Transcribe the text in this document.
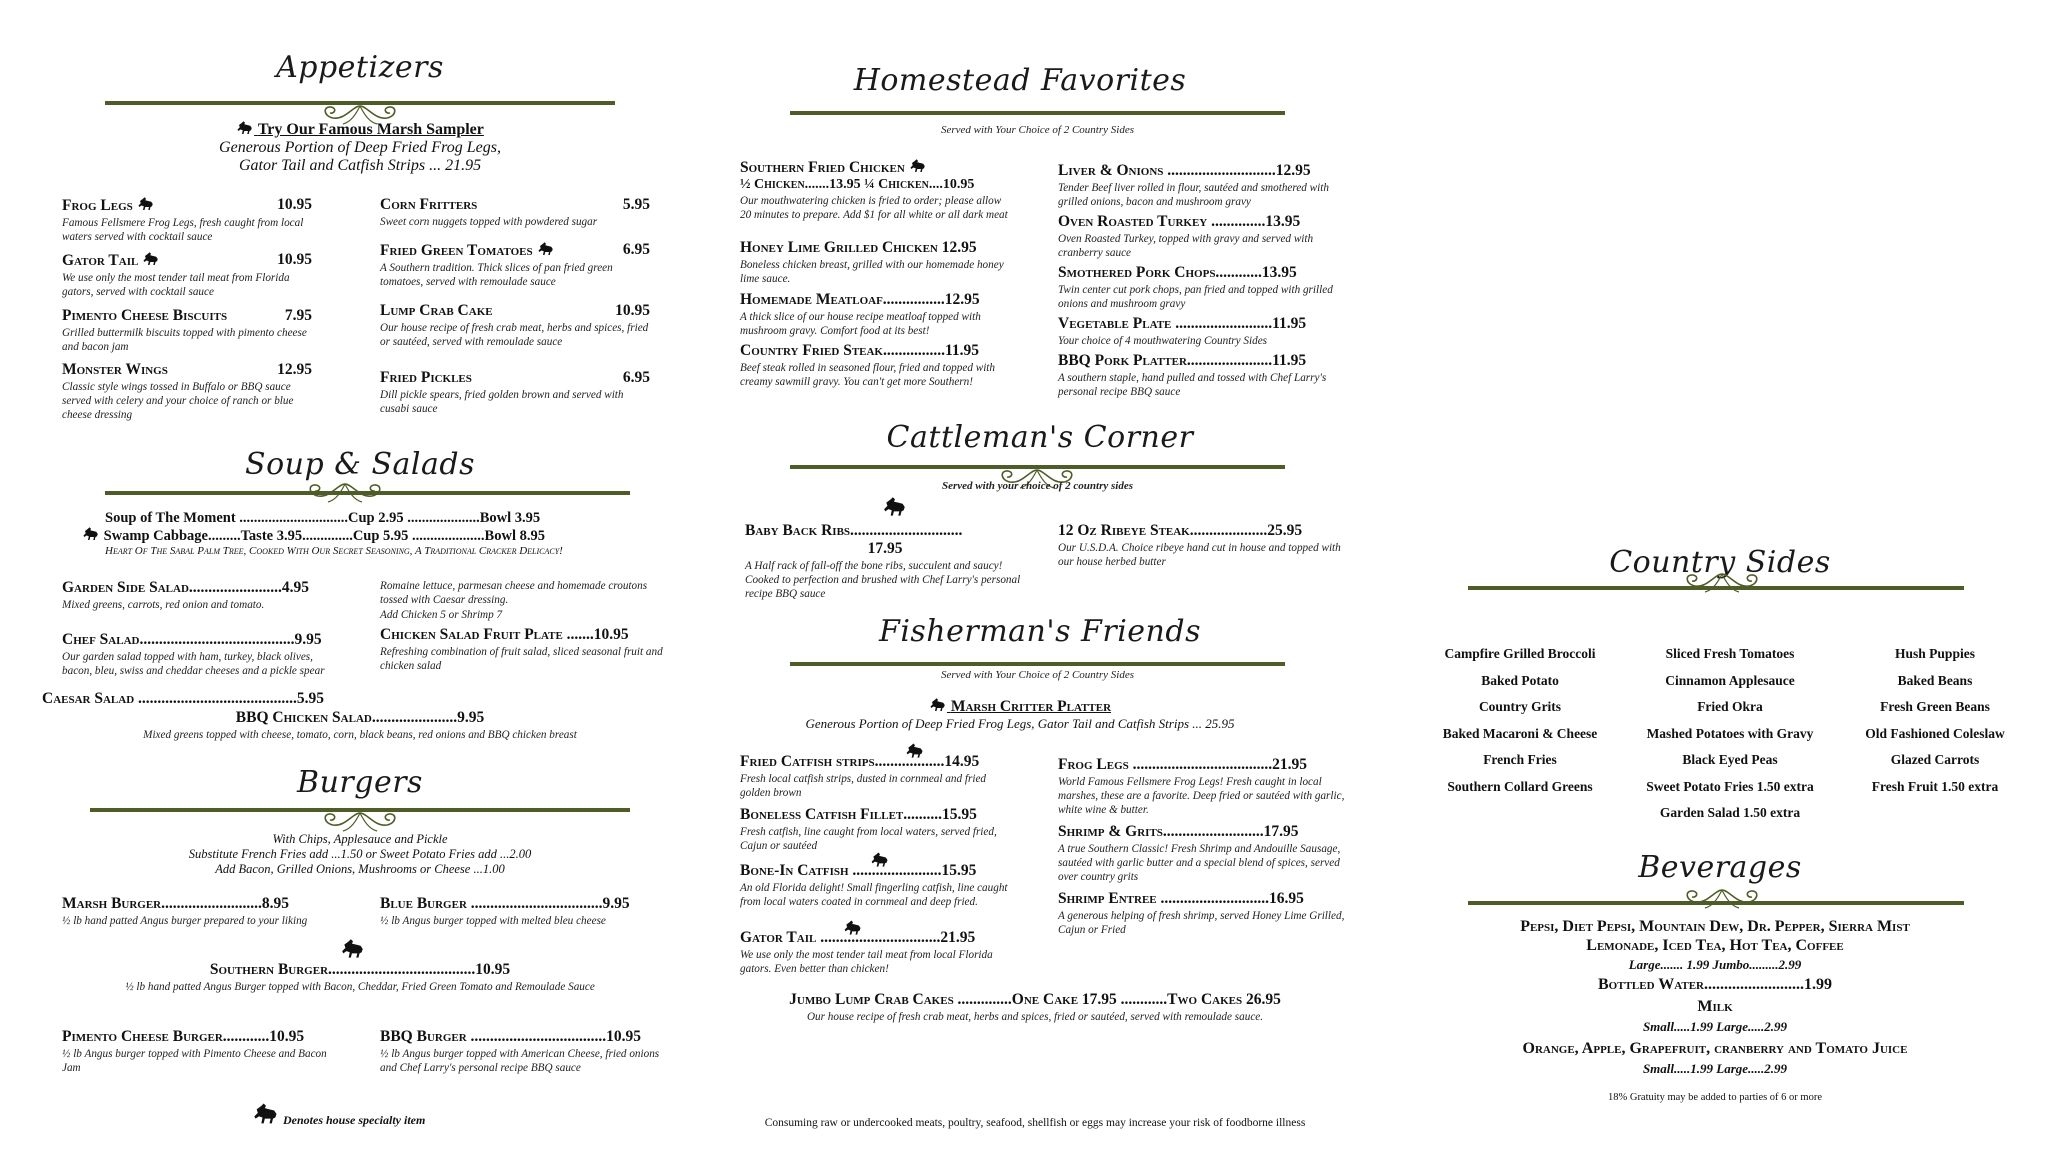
Appetizers
Try Our Famous Marsh Sampler
Generous Portion of Deep Fried Frog Legs,
Gator Tail and Catfish Strips ... 21.95
Frog Legs	10.95
Famous Fellsmere Frog Legs, fresh caught from local waters served with cocktail sauce
Gator Tail	10.95
We use only the most tender tail meat from Florida gators, served with cocktail sauce
Pimento Cheese Biscuits	7.95
Grilled buttermilk biscuits topped with pimento cheese and bacon jam
Monster Wings	12.95
Classic style wings tossed in Buffalo or BBQ sauce served with celery and your choice of ranch or blue cheese dressing
Corn Fritters	5.95
Sweet corn nuggets topped with powdered sugar
Fried Green Tomatoes	6.95
A Southern tradition. Thick slices of pan fried green tomatoes, served with remoulade sauce
Lump Crab Cake	10.95
Our house recipe of fresh crab meat, herbs and spices, fried or sautéed, served with remoulade sauce
Fried Pickles	6.95
Dill pickle spears, fried golden brown and served with cusabi sauce
Soup & Salads
Soup of The Moment ..............................Cup 2.95 ....................Bowl 3.95
Swamp Cabbage.........Taste 3.95..............Cup 5.95 ....................Bowl 8.95
Heart Of The Sabal Palm Tree, Cooked With Our Secret Seasoning, A Traditional Cracker Delicacy!
Garden Side Salad........................4.95
Mixed greens, carrots, red onion and tomato.
Romaine lettuce, parmesan cheese and homemade croutons tossed with Caesar dressing.
Add Chicken 5 or Shrimp 7
Chef Salad........................................9.95
Our garden salad topped with ham, turkey, black olives, bacon, bleu, swiss and cheddar cheeses and a pickle spear
Chicken Salad Fruit Plate .......10.95
Refreshing combination of fruit salad, sliced seasonal fruit and chicken salad
Caesar Salad .........................................5.95
BBQ Chicken Salad......................9.95
Mixed greens topped with cheese, tomato, corn, black beans, red onions and BBQ chicken breast
Burgers
With Chips, Applesauce and Pickle
Substitute French Fries add ...1.50 or Sweet Potato Fries add ...2.00
Add Bacon, Grilled Onions, Mushrooms or Cheese ...1.00
Marsh Burger..........................8.95
½ lb hand patted Angus burger prepared to your liking
Blue Burger ..................................9.95
½ lb Angus burger topped with melted bleu cheese
Southern Burger......................................10.95
½ lb hand patted Angus Burger topped with Bacon, Cheddar, Fried Green Tomato and Remoulade Sauce
Pimento Cheese Burger............10.95
½ lb Angus burger topped with Pimento Cheese and Bacon Jam
BBQ Burger ...................................10.95
½ lb Angus burger topped with American Cheese, fried onions and Chef Larry's personal recipe BBQ sauce
Denotes house specialty item
Homestead Favorites
Served with Your Choice of 2 Country Sides
Southern Fried Chicken
½ Chicken.......13.95 ¼ Chicken....10.95
Our mouthwatering chicken is fried to order; please allow 20 minutes to prepare. Add $1 for all white or all dark meat
Honey Lime Grilled Chicken 12.95
Boneless chicken breast, grilled with our homemade honey lime sauce.
Homemade Meatloaf................12.95
A thick slice of our house recipe meatloaf topped with mushroom gravy. Comfort food at its best!
Country Fried Steak................11.95
Beef steak rolled in seasoned flour, fried and topped with creamy sawmill gravy. You can't get more Southern!
Liver & Onions ............................12.95
Tender Beef liver rolled in flour, sautéed and smothered with grilled onions, bacon and mushroom gravy
Oven Roasted Turkey ..............13.95
Oven Roasted Turkey, topped with gravy and served with cranberry sauce
Smothered Pork Chops............13.95
Twin center cut pork chops, pan fried and topped with grilled onions and mushroom gravy
Vegetable Plate .........................11.95
Your choice of 4 mouthwatering Country Sides
BBQ Pork Platter......................11.95
A southern staple, hand pulled and tossed with Chef Larry's personal recipe BBQ sauce
Cattleman's Corner
Served with your choice of 2 country sides
Baby Back Ribs.............................
17.95
A Half rack of fall-off the bone ribs, succulent and saucy! Cooked to perfection and brushed with Chef Larry's personal recipe BBQ sauce
12 Oz Ribeye Steak....................25.95
Our U.S.D.A. Choice ribeye hand cut in house and topped with our house herbed butter
Fisherman's Friends
Served with Your Choice of 2 Country Sides
Marsh Critter Platter
Generous Portion of Deep Fried Frog Legs, Gator Tail and Catfish Strips ... 25.95
Fried Catfish strips..................14.95
Fresh local catfish strips, dusted in cornmeal and fried golden brown
Boneless Catfish Fillet..........15.95
Fresh catfish, line caught from local waters, served fried, Cajun or sautéed
Bone-In Catfish .......................15.95
An old Florida delight! Small fingerling catfish, line caught from local waters coated in cornmeal and deep fried.
Gator Tail ...............................21.95
We use only the most tender tail meat from local Florida gators. Even better than chicken!
Frog Legs ....................................21.95
World Famous Fellsmere Frog Legs! Fresh caught in local marshes, these are a favorite. Deep fried or sautéed with garlic, white wine & butter.
Shrimp & Grits..........................17.95
A true Southern Classic! Fresh Shrimp and Andouille Sausage, sautéed with garlic butter and a special blend of spices, served over country grits
Shrimp Entree ............................16.95
A generous helping of fresh shrimp, served Honey Lime Grilled, Cajun or Fried
Jumbo Lump Crab Cakes ..............One Cake 17.95 ............Two Cakes 26.95
Our house recipe of fresh crab meat, herbs and spices, fried or sautéed, served with remoulade sauce.
Consuming raw or undercooked meats, poultry, seafood, shellfish or eggs may increase your risk of foodborne illness
Country Sides
Campfire Grilled Broccoli
Baked Potato
Country Grits
Baked Macaroni & Cheese
French Fries
Southern Collard Greens
Sliced Fresh Tomatoes
Cinnamon Applesauce
Fried Okra
Mashed Potatoes with Gravy
Black Eyed Peas
Sweet Potato Fries 1.50 extra
Garden Salad 1.50 extra
Hush Puppies
Baked Beans
Fresh Green Beans
Old Fashioned Coleslaw
Glazed Carrots
Fresh Fruit 1.50 extra
Beverages
Pepsi, Diet Pepsi, Mountain Dew, Dr. Pepper, Sierra Mist
Lemonade, Iced Tea, Hot Tea, Coffee
Large....... 1.99 Jumbo.........2.99
Bottled Water.........................1.99
Milk
Small.....1.99 Large.....2.99
Orange, Apple, Grapefruit, cranberry and Tomato Juice
Small.....1.99 Large.....2.99
18% Gratuity may be added to parties of 6 or more
